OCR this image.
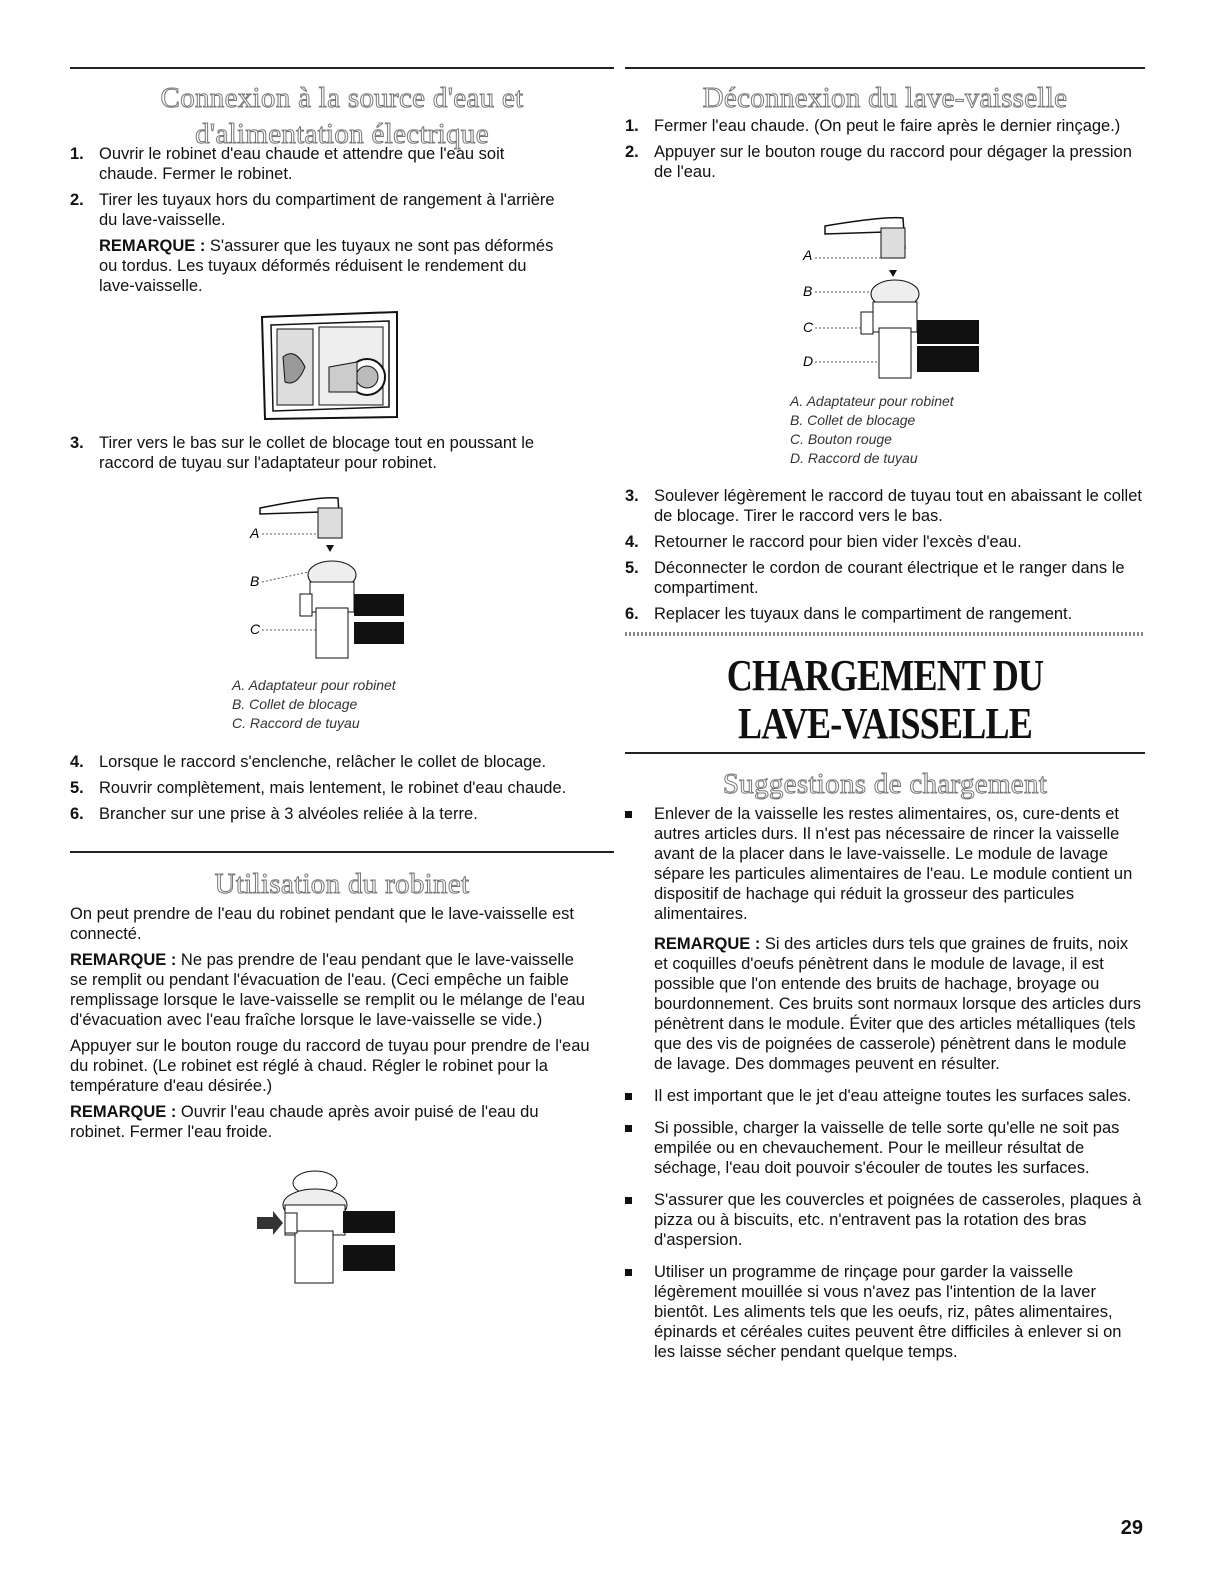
Connexion à la source d'eau et
d'alimentation électrique
1. Ouvrir le robinet d'eau chaude et attendre que l'eau soit chaude. Fermer le robinet.
2. Tirer les tuyaux hors du compartiment de rangement à l'arrière du lave-vaisselle.
REMARQUE : S'assurer que les tuyaux ne sont pas déformés ou tordus. Les tuyaux déformés réduisent le rendement du lave-vaisselle.
3. Tirer vers le bas sur le collet de blocage tout en poussant le raccord de tuyau sur l'adaptateur pour robinet.
A
B
C
A. Adaptateur pour robinet
B. Collet de blocage
C. Raccord de tuyau
4. Lorsque le raccord s'enclenche, relâcher le collet de blocage.
5. Rouvrir complètement, mais lentement, le robinet d'eau chaude.
6. Brancher sur une prise à 3 alvéoles reliée à la terre.
Utilisation du robinet

On peut prendre de l'eau du robinet pendant que le lave-vaisselle est connecté.

REMARQUE : Ne pas prendre de l'eau pendant que le lave-vaisselle se remplit ou pendant l'évacuation de l'eau. (Ceci empêche un faible remplissage lorsque le lave-vaisselle se remplit ou le mélange de l'eau d'évacuation avec l'eau fraîche lorsque le lave-vaisselle se vide.)

Appuyer sur le bouton rouge du raccord de tuyau pour prendre de l'eau du robinet. (Le robinet est réglé à chaud. Régler le robinet pour la température d'eau désirée.)

REMARQUE : Ouvrir l'eau chaude après avoir puisé de l'eau du robinet. Fermer l'eau froide.

Déconnexion du lave-vaisselle
1. Fermer l'eau chaude. (On peut le faire après le dernier rinçage.)
2. Appuyer sur le bouton rouge du raccord pour dégager la pression de l'eau.
A
B
C
D
A. Adaptateur pour robinet
B. Collet de blocage
C. Bouton rouge
D. Raccord de tuyau
3. Soulever légèrement le raccord de tuyau tout en abaissant le collet de blocage. Tirer le raccord vers le bas.
4. Retourner le raccord pour bien vider l'excès d'eau.
5. Déconnecter le cordon de courant électrique et le ranger dans le compartiment.
6. Replacer les tuyaux dans le compartiment de rangement.
CHARGEMENT DU
LAVE-VAISSELLE
Suggestions de chargement
Enlever de la vaisselle les restes alimentaires, os, cure-dents et autres articles durs. Il n'est pas nécessaire de rincer la vaisselle avant de la placer dans le lave-vaisselle. Le module de lavage sépare les particules alimentaires de l'eau. Le module contient un dispositif de hachage qui réduit la grosseur des particules alimentaires.
REMARQUE : Si des articles durs tels que graines de fruits, noix et coquilles d'oeufs pénètrent dans le module de lavage, il est possible que l'on entende des bruits de hachage, broyage ou bourdonnement. Ces bruits sont normaux lorsque des articles durs pénètrent dans le module. Éviter que des articles métalliques (tels que des vis de poignées de casserole) pénètrent dans le module de lavage. Des dommages peuvent en résulter.
Il est important que le jet d'eau atteigne toutes les surfaces sales.
Si possible, charger la vaisselle de telle sorte qu'elle ne soit pas empilée ou en chevauchement. Pour le meilleur résultat de séchage, l'eau doit pouvoir s'écouler de toutes les surfaces.
S'assurer que les couvercles et poignées de casseroles, plaques à pizza ou à biscuits, etc. n'entravent pas la rotation des bras d'aspersion.
Utiliser un programme de rinçage pour garder la vaisselle légèrement mouillée si vous n'avez pas l'intention de la laver bientôt. Les aliments tels que les oeufs, riz, pâtes alimentaires, épinards et céréales cuites peuvent être difficiles à enlever si on les laisse sécher pendant quelque temps.
29
